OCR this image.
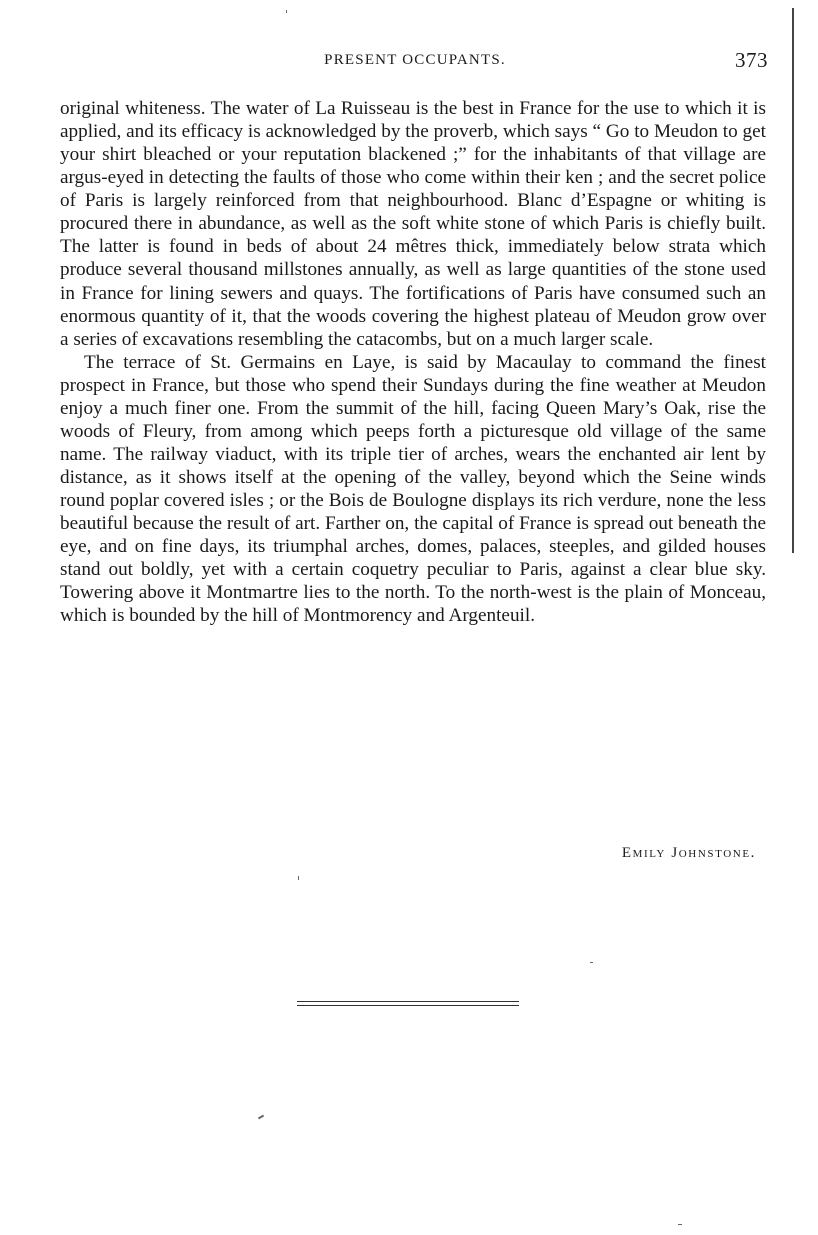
PRESENT OCCUPANTS.	373

original whiteness. The water of La Ruisseau is the best in France for the use to which it is applied, and its efficacy is acknowledged by the proverb, which says “ Go to Meudon to get your shirt bleached or your reputation blackened ;” for the inhabitants of that village are argus-eyed in detecting the faults of those who come within their ken ; and the secret police of Paris is largely reinforced from that neighbourhood. Blanc d’Espagne or whiting is procured there in abundance, as well as the soft white stone of which Paris is chiefly built. The latter is found in beds of about 24 mêtres thick, immediately below strata which produce several thousand millstones annually, as well as large quantities of the stone used in France for lining sewers and quays. The fortifications of Paris have consumed such an enormous quantity of it, that the woods covering the highest plateau of Meudon grow over a series of excavations resembling the catacombs, but on a much larger scale.

The terrace of St. Germains en Laye, is said by Macaulay to command the finest prospect in France, but those who spend their Sundays during the fine weather at Meudon enjoy a much finer one. From the summit of the hill, facing Queen Mary’s Oak, rise the woods of Fleury, from among which peeps forth a picturesque old village of the same name. The railway viaduct, with its triple tier of arches, wears the enchanted air lent by distance, as it shows itself at the opening of the valley, beyond which the Seine winds round poplar covered isles ; or the Bois de Boulogne displays its rich verdure, none the less beautiful because the result of art. Farther on, the capital of France is spread out beneath the eye, and on fine days, its triumphal arches, domes, palaces, steeples, and gilded houses stand out boldly, yet with a certain coquetry peculiar to Paris, against a clear blue sky. Towering above it Montmartre lies to the north. To the north-west is the plain of Monceau, which is bounded by the hill of Montmorency and Argenteuil.

Emily Johnstone.
